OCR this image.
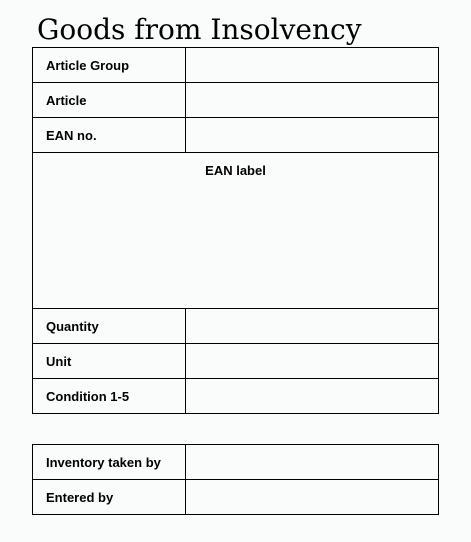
Goods from Insolvency
Article Group	
Article	
EAN no.	
EAN label	
Quantity	
Unit	
Condition 1-5	
Inventory taken by	
Entered by	
